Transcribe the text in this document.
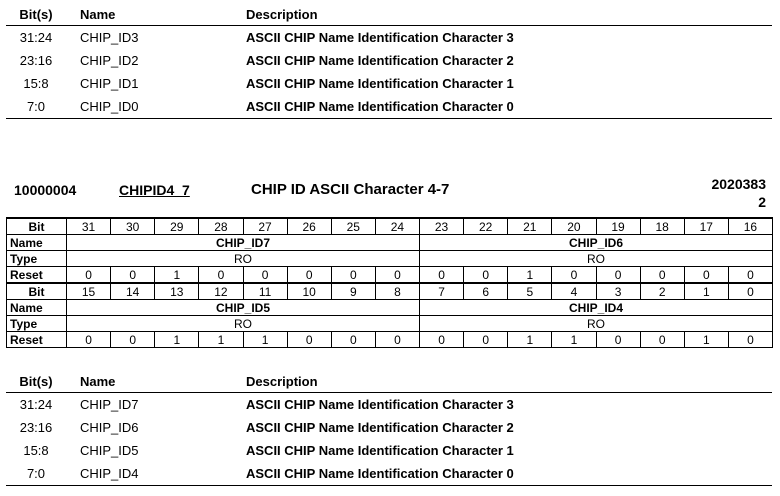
Bit(s)	Name	Description
31:24	CHIP_ID3	ASCII CHIP Name Identification Character 3
23:16	CHIP_ID2	ASCII CHIP Name Identification Character 2
15:8	CHIP_ID1	ASCII CHIP Name Identification Character 1
7:0	CHIP_ID0	ASCII CHIP Name Identification Character 0
10000004	CHIPID4_7	CHIP ID ASCII Character 4-7	2020383
2
Bit	31	30	29	28	27	26	25	24	23	22	21	20	19	18	17	16
Name	CHIP_ID7								CHIP_ID6							
Type	RO								RO							
Reset	0	0	1	0	0	0	0	0	0	0	1	0	0	0	0	0
Bit	15	14	13	12	11	10	9	8	7	6	5	4	3	2	1	0
Name	CHIP_ID5								CHIP_ID4							
Type	RO								RO							
Reset	0	0	1	1	1	0	0	0	0	0	1	1	0	0	1	0
Bit(s)	Name	Description
31:24	CHIP_ID7	ASCII CHIP Name Identification Character 3
23:16	CHIP_ID6	ASCII CHIP Name Identification Character 2
15:8	CHIP_ID5	ASCII CHIP Name Identification Character 1
7:0	CHIP_ID4	ASCII CHIP Name Identification Character 0
